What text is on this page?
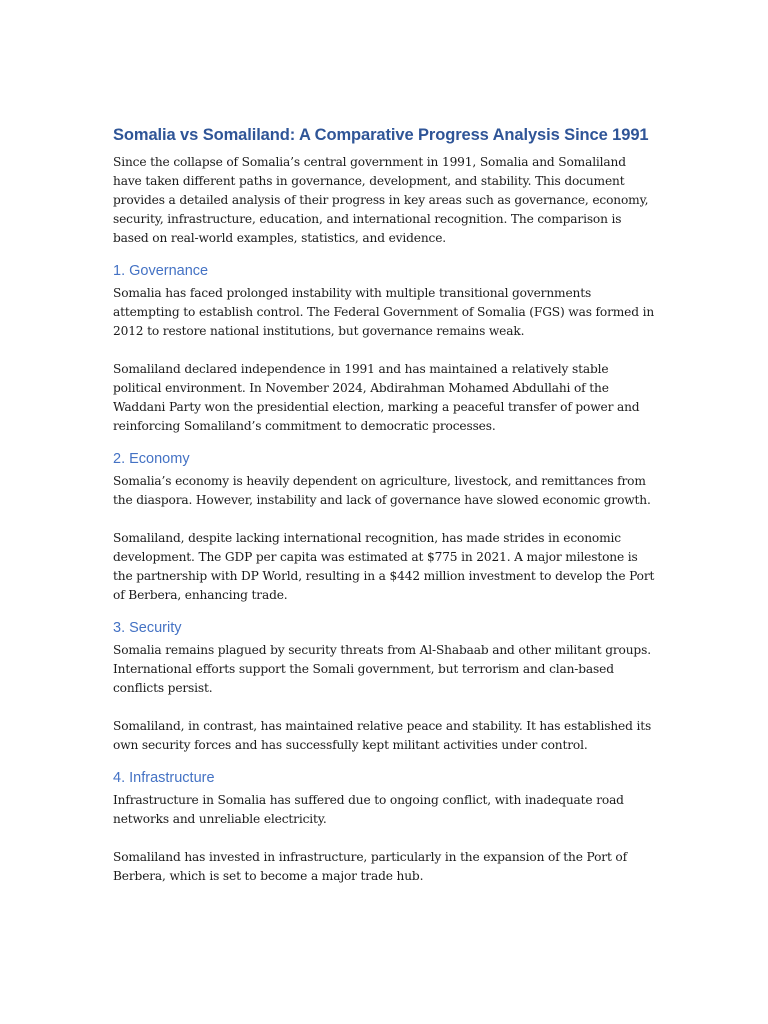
Somalia vs Somaliland: A Comparative Progress Analysis Since 1991

Since the collapse of Somalia’s central government in 1991, Somalia and Somaliland have taken different paths in governance, development, and stability. This document provides a detailed analysis of their progress in key areas such as governance, economy, security, infrastructure, education, and international recognition. The comparison is based on real-world examples, statistics, and evidence.

1. Governance

Somalia has faced prolonged instability with multiple transitional governments attempting to establish control. The Federal Government of Somalia (FGS) was formed in 2012 to restore national institutions, but governance remains weak.

Somaliland declared independence in 1991 and has maintained a relatively stable political environment. In November 2024, Abdirahman Mohamed Abdullahi of the Waddani Party won the presidential election, marking a peaceful transfer of power and reinforcing Somaliland’s commitment to democratic processes.

2. Economy

Somalia’s economy is heavily dependent on agriculture, livestock, and remittances from the diaspora. However, instability and lack of governance have slowed economic growth.

Somaliland, despite lacking international recognition, has made strides in economic development. The GDP per capita was estimated at $775 in 2021. A major milestone is the partnership with DP World, resulting in a $442 million investment to develop the Port of Berbera, enhancing trade.

3. Security

Somalia remains plagued by security threats from Al-Shabaab and other militant groups. International efforts support the Somali government, but terrorism and clan-based conflicts persist.

Somaliland, in contrast, has maintained relative peace and stability. It has established its own security forces and has successfully kept militant activities under control.

4. Infrastructure

Infrastructure in Somalia has suffered due to ongoing conflict, with inadequate road networks and unreliable electricity.

Somaliland has invested in infrastructure, particularly in the expansion of the Port of Berbera, which is set to become a major trade hub.
